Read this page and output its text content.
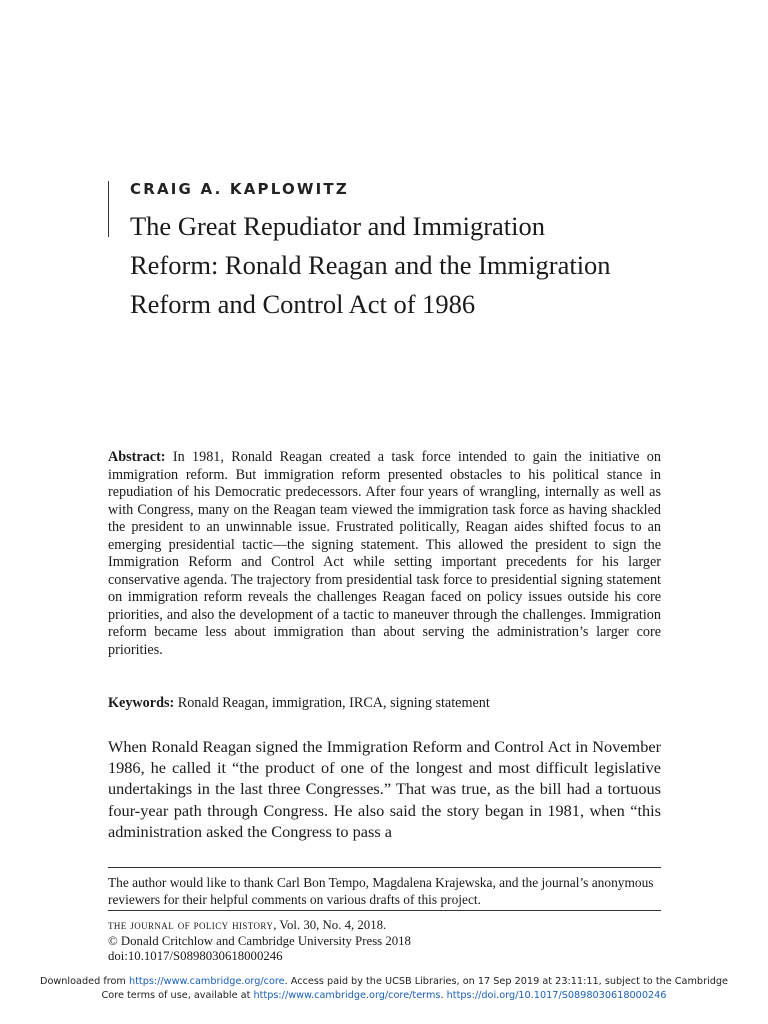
CRAIG A. KAPLOWITZ
The Great Repudiator and Immigration
Reform: Ronald Reagan and the Immigration
Reform and Control Act of 1986

Abstract: In 1981, Ronald Reagan created a task force intended to gain the initiative on immigration reform. But immigration reform presented obstacles to his political stance in repudiation of his Democratic predecessors. After four years of wrangling, internally as well as with Congress, many on the Reagan team viewed the immigration task force as having shackled the president to an unwinnable issue. Frustrated politically, Reagan aides shifted focus to an emerging presidential tactic—the signing statement. This allowed the president to sign the Immigration Reform and Control Act while setting important precedents for his larger conservative agenda. The trajectory from presidential task force to presidential signing statement on immigration reform reveals the challenges Reagan faced on policy issues outside his core priorities, and also the development of a tactic to maneuver through the challenges. Immigration reform became less about immigration than about serving the administration’s larger core priorities.

Keywords: Ronald Reagan, immigration, IRCA, signing statement

When Ronald Reagan signed the Immigration Reform and Control Act in November 1986, he called it “the product of one of the longest and most difficult legislative undertakings in the last three Congresses.” That was true, as the bill had a tortuous four-year path through Congress. He also said the story began in 1981, when “this administration asked the Congress to pass a

The author would like to thank Carl Bon Tempo, Magdalena Krajewska, and the journal’s anonymous reviewers for their helpful comments on various drafts of this project.

the journal of policy history, Vol. 30, No. 4, 2018.
© Donald Critchlow and Cambridge University Press 2018
doi:10.1017/S0898030618000246
Downloaded from https://www.cambridge.org/core. Access paid by the UCSB Libraries, on 17 Sep 2019 at 23:11:11, subject to the Cambridge
Core terms of use, available at https://www.cambridge.org/core/terms. https://doi.org/10.1017/S0898030618000246
